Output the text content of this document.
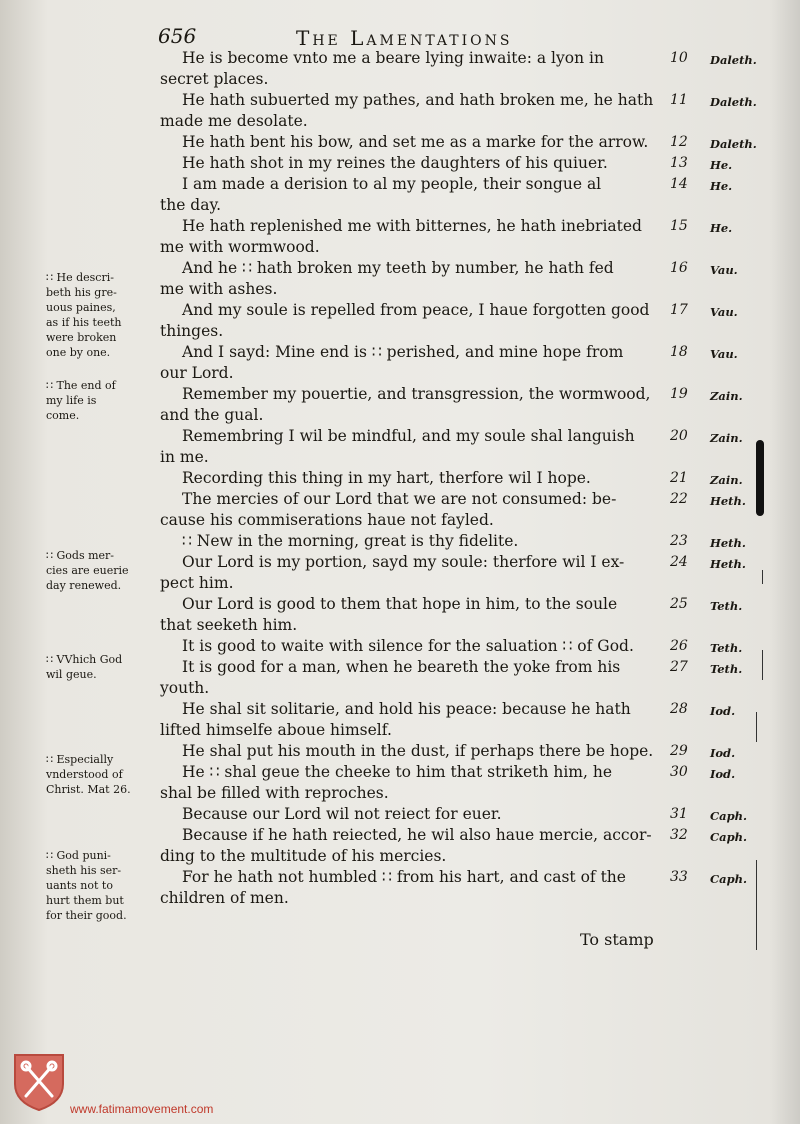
656	The Lamentations
He is become vnto me a beare lying inwaite: a lyon in	10 Daleth.
secret places.
He hath subuerted my pathes, and hath broken me, he hath 11 Daleth.
made me desolate.
He hath bent his bow, and set me as a marke for the arrow. 12 Daleth.
He hath shot in my reines the daughters of his quiuer.	13 He.
I am made a derision to al my people, their songue al	14 He.
the day.
He hath replenished me with bitternes, he hath inebriated 15 He.
me with wormwood.
And he ∷ hath broken my teeth by number, he hath fed	16 Vau.
me with ashes.
And my soule is repelled from peace, I haue forgotten good 17 Vau.
thinges.
And I sayd: Mine end is ∷ perished, and mine hope from	18 Vau.
our Lord.
Remember my pouertie, and transgression, the wormwood, 19 Zain.
and the gual.
Remembring I wil be mindful, and my soule shal languish	20 Zain.
in me.
Recording this thing in my hart, therfore wil I hope.	21 Zain.
The mercies of our Lord that we are not consumed: be-	22 Heth.
cause his commiserations haue not fayled.
∷ New in the morning, great is thy fidelite.	23 Heth.
Our Lord is my portion, sayd my soule: therfore wil I ex-	24 Heth.
pect him.
Our Lord is good to them that hope in him, to the soule	25 Teth.
that seeketh him.
It is good to waite with silence for the saluation ∷ of God.	26 Teth.
It is good for a man, when he beareth the yoke from his	27 Teth.
youth.
He shal sit solitarie, and hold his peace: because he hath	28 Iod.
lifted himselfe aboue himself.
He shal put his mouth in the dust, if perhaps there be hope. 29 Iod.
He ∷ shal geue the cheeke to him that striketh him, he	30 Iod.
shal be filled with reproches.
Because our Lord wil not reiect for euer.	31 Caph.
Because if he hath reiected, he wil also haue mercie, accor- 32 Caph.
ding to the multitude of his mercies.
For he hath not humbled ∷ from his hart, and cast of the	33 Caph.
children of men.
∷ He descri-
beth his gre-
uous paines,
as if his teeth
were broken
one by one.
∷ The end of
my life is
come.
∷ Gods mer-
cies are euerie
day renewed.
∷ VVhich God
wil geue.
∷ Especially
vnderstood of
Christ. Mat 26.
∷ God puni-
sheth his ser-
uants not to
hurt them but
for their good.
To stamp
www.fatimamovement.com
